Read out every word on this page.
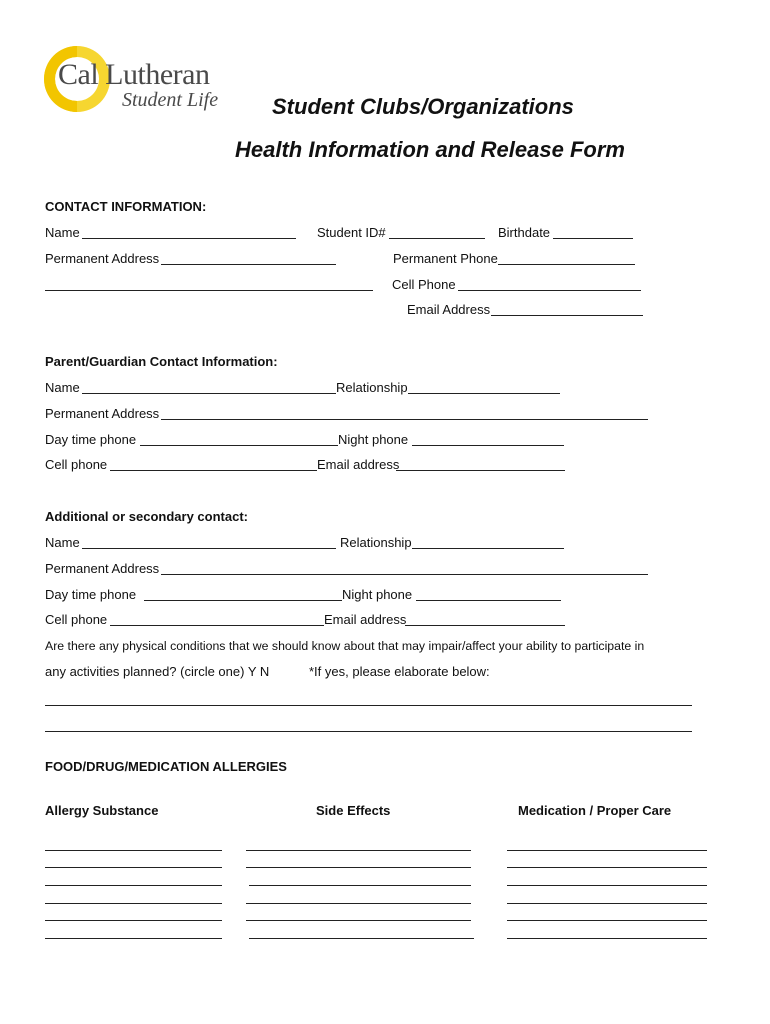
Cal Lutheran
Student Life Student Clubs/Organizations
Health Information and Release Form
CONTACT INFORMATION:
Name	Student ID#	Birthdate
Permanent Address	Permanent Phone
Cell Phone
Email Address
Parent/Guardian Contact Information:
Name	Relationship
Permanent Address
Day time phone	Night phone
Cell phone	Email address
Additional or secondary contact:
Name	Relationship
Permanent Address
Day time phone	Night phone
Cell phone	Email address
Are there any physical conditions that we should know about that may impair/affect your ability to participate in
any activities planned? (circle one) Y N	*If yes, please elaborate below:
FOOD/DRUG/MEDICATION ALLERGIES
Allergy Substance	Side Effects	Medication / Proper Care
